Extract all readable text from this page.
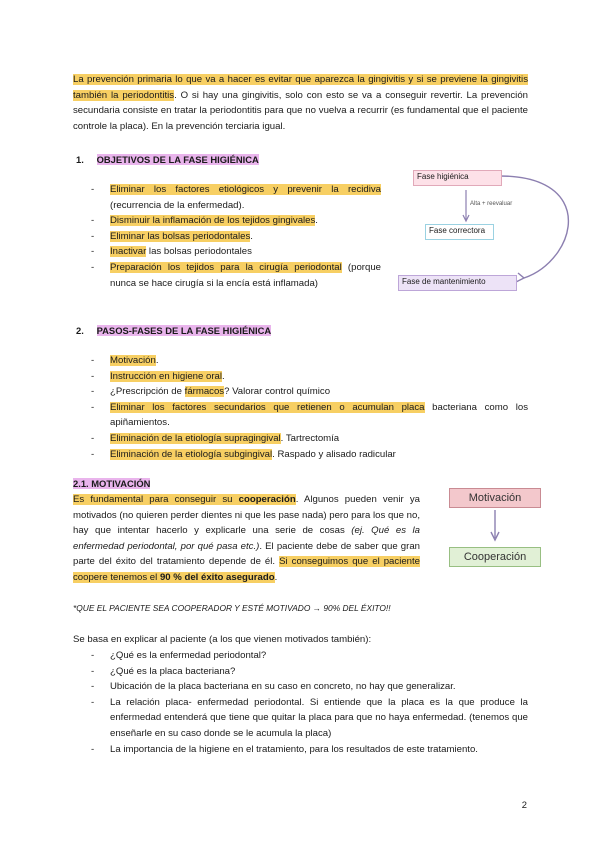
La prevención primaria lo que va a hacer es evitar que aparezca la gingivitis y si se previene la gingivitis también la periodontitis. O si hay una gingivitis, solo con esto se va a conseguir revertir. La prevención secundaria consiste en tratar la periodontitis para que no vuelva a recurrir (es fundamental que el paciente controle la placa). En la prevención terciaria igual.
1. OBJETIVOS DE LA FASE HIGIÉNICA
- Eliminar los factores etiológicos y prevenir la recidiva (recurrencia de la enfermedad).
- Disminuir la inflamación de los tejidos gingivales.
- Eliminar las bolsas periodontales.
- Inactivar las bolsas periodontales
- Preparación los tejidos para la cirugía periodontal (porque nunca se hace cirugía si la encía está inflamada)
Fase higiénica
Alta + reevaluar
Fase correctora
Fase de mantenimiento
2. PASOS-FASES DE LA FASE HIGIÉNICA
- Motivación.
- Instrucción en higiene oral.
- ¿Prescripción de fármacos? Valorar control químico
- Eliminar los factores secundarios que retienen o acumulan placa bacteriana como los apiñamientos.
- Eliminación de la etiología supragingival. Tartrectomía
- Eliminación de la etiología subgingival. Raspado y alisado radicular
2.1. MOTIVACIÓN
Es fundamental para conseguir su cooperación. Algunos pueden venir ya motivados (no quieren perder dientes ni que les pase nada) pero para los que no, hay que intentar hacerlo y explicarle una serie de cosas (ej. Qué es la enfermedad periodontal, por qué pasa etc.). El paciente debe de saber que gran parte del éxito del tratamiento depende de él. Si conseguimos que el paciente coopere tenemos el 90 % del éxito asegurado.
Motivación
Cooperación
*QUE EL PACIENTE SEA COOPERADOR Y ESTÉ MOTIVADO → 90% DEL ÉXITO!!
Se basa en explicar al paciente (a los que vienen motivados también):
- ¿Qué es la enfermedad periodontal?
- ¿Qué es la placa bacteriana?
- Ubicación de la placa bacteriana en su caso en concreto, no hay que generalizar.
- La relación placa- enfermedad periodontal. Si entiende que la placa es la que produce la enfermedad entenderá que tiene que quitar la placa para que no haya enfermedad. (tenemos que enseñarle en su caso donde se le acumula la placa)
- La importancia de la higiene en el tratamiento, para los resultados de este tratamiento.
2
